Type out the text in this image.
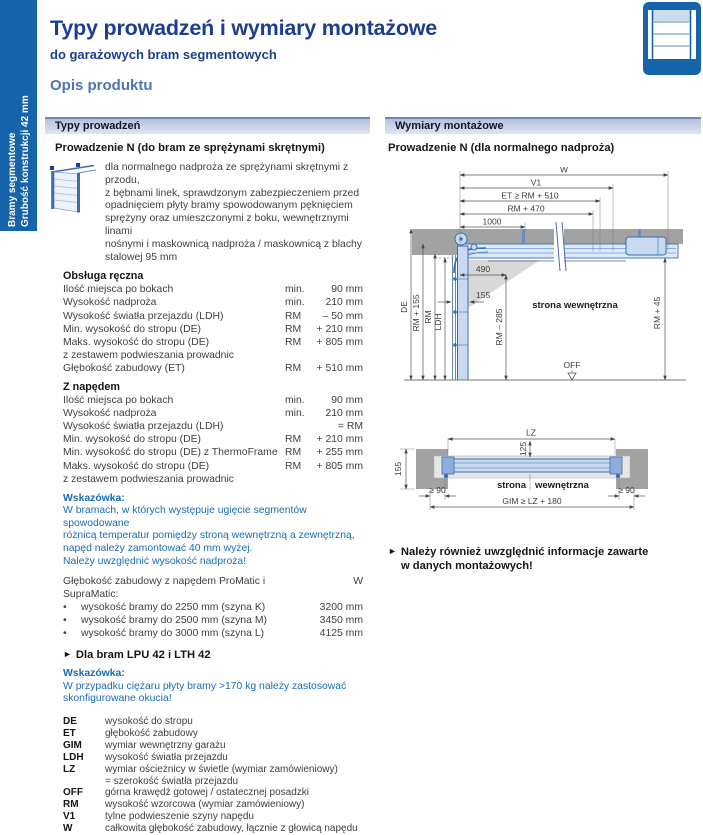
Bramy segmentowe Grubość konstrukcji 42 mm
Typy prowadzeń i wymiary montażowe
do garażowych bram segmentowych
Opis produktu
Typy prowadzeń
Prowadzenie N (do bram ze sprężynami skrętnymi)
dla normalnego nadproża ze sprężynami skrętnymi z przodu,
z bębnami linek, sprawdzonym zabezpieczeniem przed
opadnięciem płyty bramy spowodowanym pęknięciem
sprężyny oraz umieszczonymi z boku, wewnętrznymi linami
nośnymi i maskownicą nadproża / maskownicą z blachy
stalowej 95 mm
Obsługa ręczna
Ilość miejsca po bokach	min.	90 mm
Wysokość nadproża	min.	210 mm
Wysokość światła przejazdu (LDH)	RM	– 50 mm
Min. wysokość do stropu (DE)	RM	+ 210 mm
Maks. wysokość do stropu (DE)	RM	+ 805 mm
z zestawem podwieszania prowadnic
Głębokość zabudowy (ET)	RM	+ 510 mm
Z napędem
Ilość miejsca po bokach	min.	90 mm
Wysokość nadproża	min.	210 mm
Wysokość światła przejazdu (LDH)	= RM
Min. wysokość do stropu (DE)	RM	+ 210 mm
Min. wysokość do stropu (DE) z ThermoFrame RM	+ 255 mm
Maks. wysokość do stropu (DE)	RM	+ 805 mm
z zestawem podwieszania prowadnic
Wskazówka:
W bramach, w których występuje ugięcie segmentów spowodowane
różnicą temperatur pomiędzy stroną wewnętrzną a zewnętrzną,
napęd należy zamontować 40 mm wyżej.
Należy uwzględnić wysokość nadproża!
Głębokość zabudowy z napędem ProMatic i SupraMatic:
W
•	wysokość bramy do 2250 mm (szyna K)	3200 mm
•	wysokość bramy do 2500 mm (szyna M)	3450 mm
•	wysokość bramy do 3000 mm (szyna L)	4125 mm
► Dla bram LPU 42 i LTH 42
Wskazówka:
W przypadku ciężaru płyty bramy >170 kg należy zastosować
skonfigurowane okucia!
DE	wysokość do stropu
ET	głębokość zabudowy
GIM	wymiar wewnętrzny garażu
LDH	wysokość światła przejazdu
LZ	wymiar ościeżnicy w świetle (wymiar zamówieniowy)
= szerokość światła przejazdu
OFF	górna krawędź gotowej / ostatecznej posadzki
RM	wysokość wzorcowa (wymiar zamówieniowy)
V1	tylne podwieszenie szyny napędu
W	całkowita głębokość zabudowy, łącznie z głowicą napędu
Wymiary montażowe
Prowadzenie N (dla normalnego nadproża)
W
V1
ET ≥ RM + 510
RM + 470
1000
DE RM + 155 RM LDH
490
155
RM – 285	RM + 45
strona wewnętrzna
OFF

LZ
125
155
≥ 90	≥ 90
GIM ≥ LZ + 180
strona wewnętrzna
► Należy również uwzględnić informacje zawarte
w danych montażowych!
